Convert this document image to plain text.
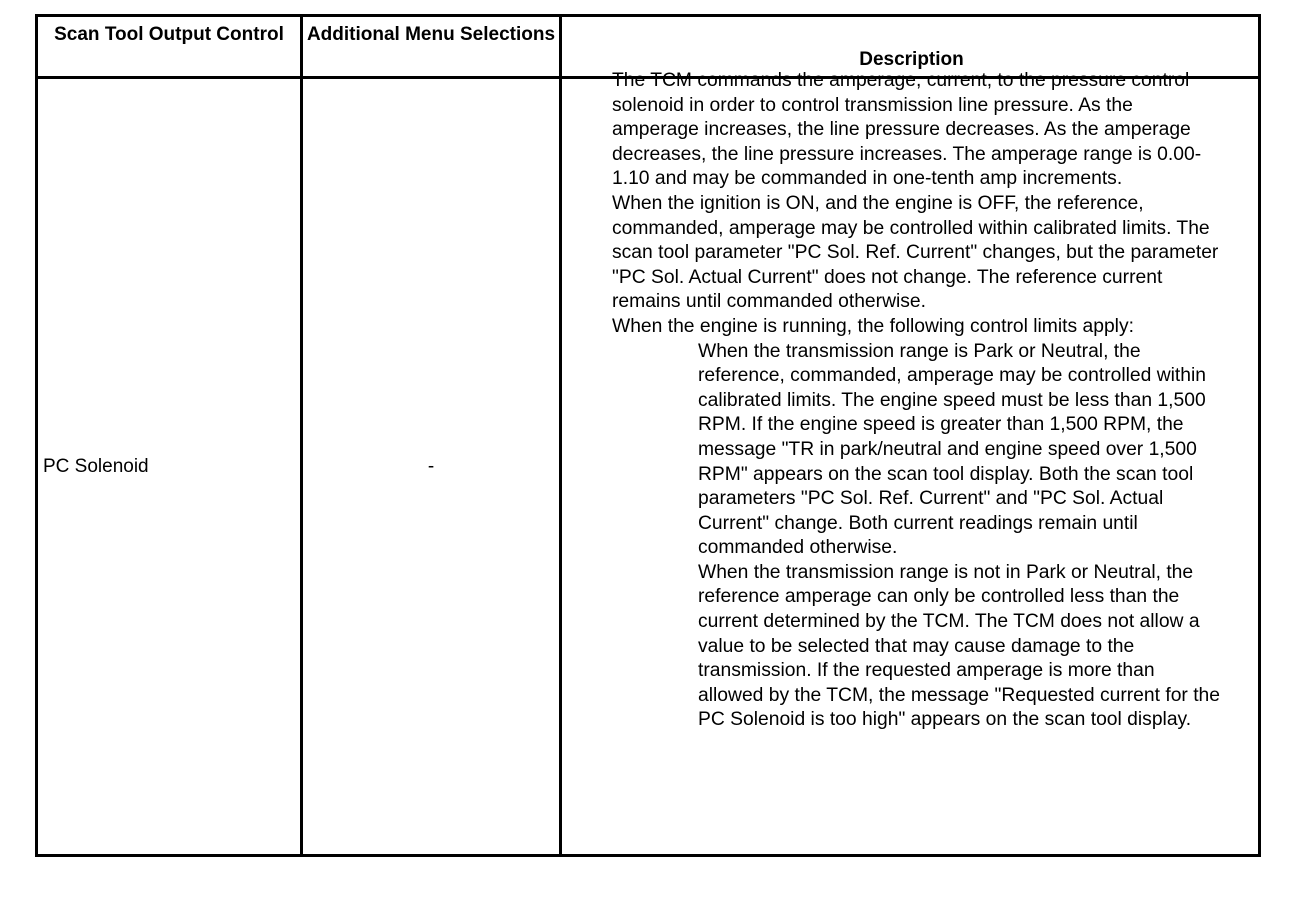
Scan Tool Output Control Additional Menu Selections
Description
PC Solenoid	-

The TCM commands the amperage, current, to the pressure control solenoid in order to control transmission line pressure. As the amperage increases, the line pressure decreases. As the amperage decreases, the line pressure increases. The amperage range is 0.00-1.10 and may be commanded in one-tenth amp increments.

When the ignition is ON, and the engine is OFF, the reference, commanded, amperage may be controlled within calibrated limits. The scan tool parameter "PC Sol. Ref. Current" changes, but the parameter "PC Sol. Actual Current" does not change. The reference current remains until commanded otherwise.

When the engine is running, the following control limits apply:

When the transmission range is Park or Neutral, the reference, commanded, amperage may be controlled within calibrated limits. The engine speed must be less than 1,500 RPM. If the engine speed is greater than 1,500 RPM, the message "TR in park/neutral and engine speed over 1,500 RPM" appears on the scan tool display. Both the scan tool parameters "PC Sol. Ref. Current" and "PC Sol. Actual Current" change. Both current readings remain until commanded otherwise.

When the transmission range is not in Park or Neutral, the reference amperage can only be controlled less than the current determined by the TCM. The TCM does not allow a value to be selected that may cause damage to the transmission. If the requested amperage is more than allowed by the TCM, the message "Requested current for the PC Solenoid is too high" appears on the scan tool display.
